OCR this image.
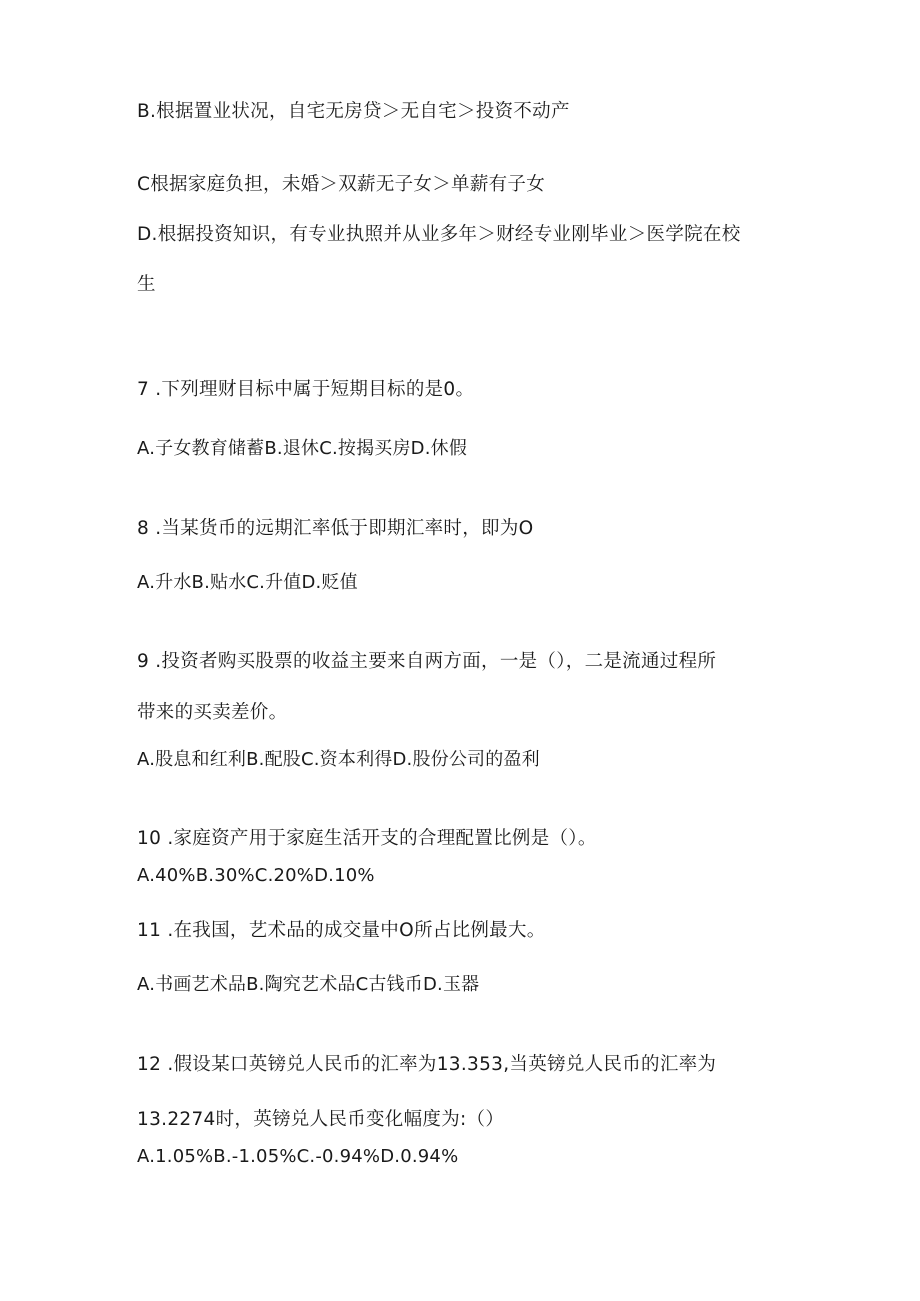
B.根据置业状况，自宅无房贷＞无自宅＞投资不动产
C根据家庭负担，未婚＞双薪无子女＞单薪有子女
D.根据投资知识，有专业执照并从业多年＞财经专业刚毕业＞医学院在校
生
7 .下列理财目标中属于短期目标的是0。
A.子女教育储蓄B.退休C.按揭买房D.休假
8 .当某货币的远期汇率低于即期汇率时，即为O
A.升水B.贴水C.升值D.贬值
9 .投资者购买股票的收益主要来自两方面，一是（），二是流通过程所
带来的买卖差价。
A.股息和红利B.配股C.资本利得D.股份公司的盈利
10 .家庭资产用于家庭生活开支的合理配置比例是（）。
A.40%B.30%C.20%D.10%
11 .在我国，艺术品的成交量中O所占比例最大。
A.书画艺术品B.陶究艺术品C古钱币D.玉器
12 .假设某口英镑兑人民币的汇率为13.353,当英镑兑人民币的汇率为
13.2274时，英镑兑人民币变化幅度为:（）
A.1.05%B.-1.05%C.-0.94%D.0.94%
